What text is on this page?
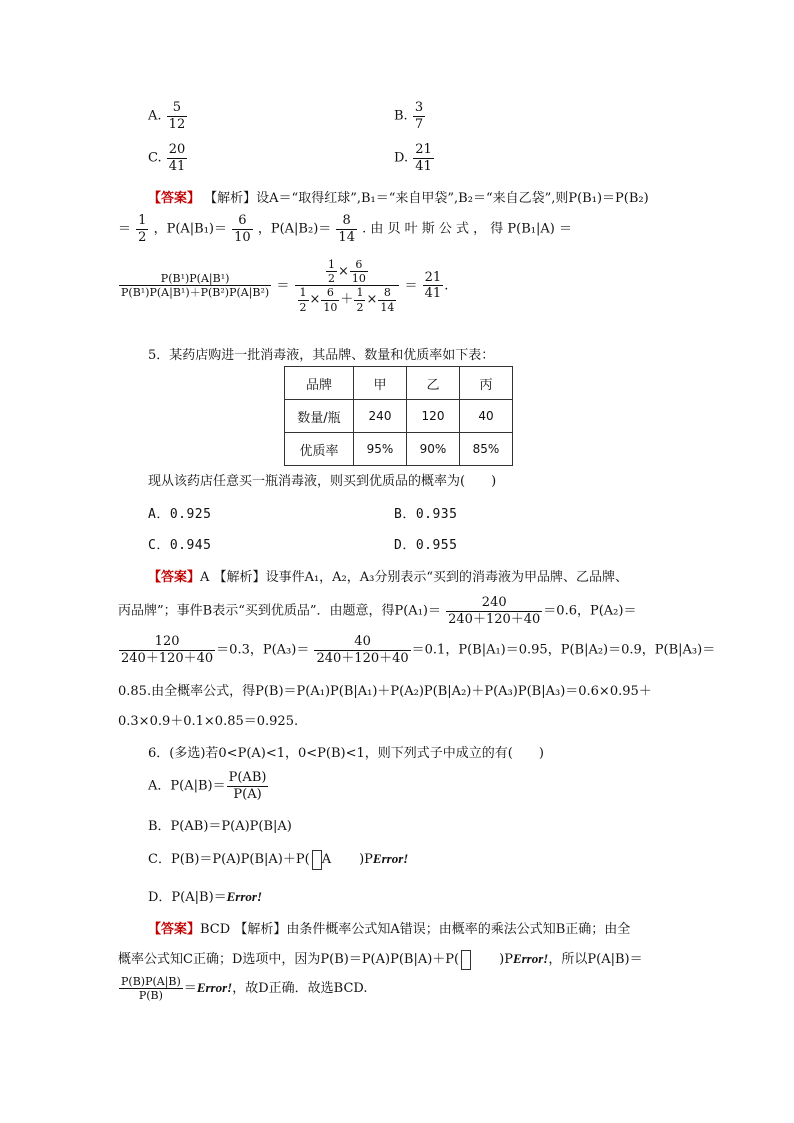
A. $\frac{5}{12}$	B. $\frac{3}{7}$
C. $\frac{20}{41}$	D. $\frac{21}{41}$
【答案】 【解析】设A＝“取得红球”,B₁＝“来自甲袋”,B₂＝“来自乙袋”,则P(B₁)＝P(B₂)
＝ $\frac{1}{2}$ ，$P(A|B_1)= \frac{6}{10}$ ，$P(A|B_2)= \frac{8}{14}$ . 由 贝 叶 斯 公 式 ， 得 P(B₁|A) ＝
$\frac{\text{P(B¹)P(A|B¹)}}{\text{P(B¹)P(A|B¹)＋P(B²)P(A|B²)}} = \frac{\frac{1}{2} \times \frac{6}{10}}{\frac{1}{2} \times \frac{6}{10} + \frac{1}{2} \times \frac{8}{14}} = \frac{21}{41}$ .
5．某药店购进一批消毒液，其品牌、数量和优质率如下表：
品牌	甲	乙	丙
数量/瓶	240	120	40
优质率	95%	90%	85%
现从该药店任意买一瓶消毒液，则买到优质品的概率为(　　)
A．0.925	B．0.935
C．0.945	D．0.955
【答案】A 【解析】设事件A₁，A₂，A₃分别表示“买到的消毒液为甲品牌、乙品牌、
丙品牌”；事件B表示“买到优质品”．由题意，得$P(A_1)= \frac{240}{240+120+40} =0.6$，P(A₂)＝
$\frac{120}{240+120+40} =0.3$，$P(A_3)= \frac{40}{240+120+40} =0.1$，P(B|A₁)＝0.95，P(B|A₂)＝0.9，P(B|A₃)＝
0.85.由全概率公式，得P(B)＝P(A₁)P(B|A₁)＋P(A₂)P(B|A₂)＋P(A₃)P(B|A₃)＝0.6×0.95＋
0.3×0.9＋0.1×0.85＝0.925.
6．(多选)若0<P(A)<1，0<P(B)<1，则下列式子中成立的有(　　)
A．$P(A|B)= \frac{P(AB)}{P(A)}$
B．P(AB)＝P(A)P(B|A)
C．P(B)＝P(A)P(B|A)＋P( A )PError!
D．P(A|B)＝Error!
【答案】BCD 【解析】由条件概率公式知A错误；由概率的乘法公式知B正确；由全
概率公式知C正确；D选项中，因为P(B)＝P(A)P(B|A)＋P(	)PError!，所以P(A|B)＝
$\frac{P(B)P(A|B)}{P(B)}$ ＝Error!，故D正确．故选BCD.
